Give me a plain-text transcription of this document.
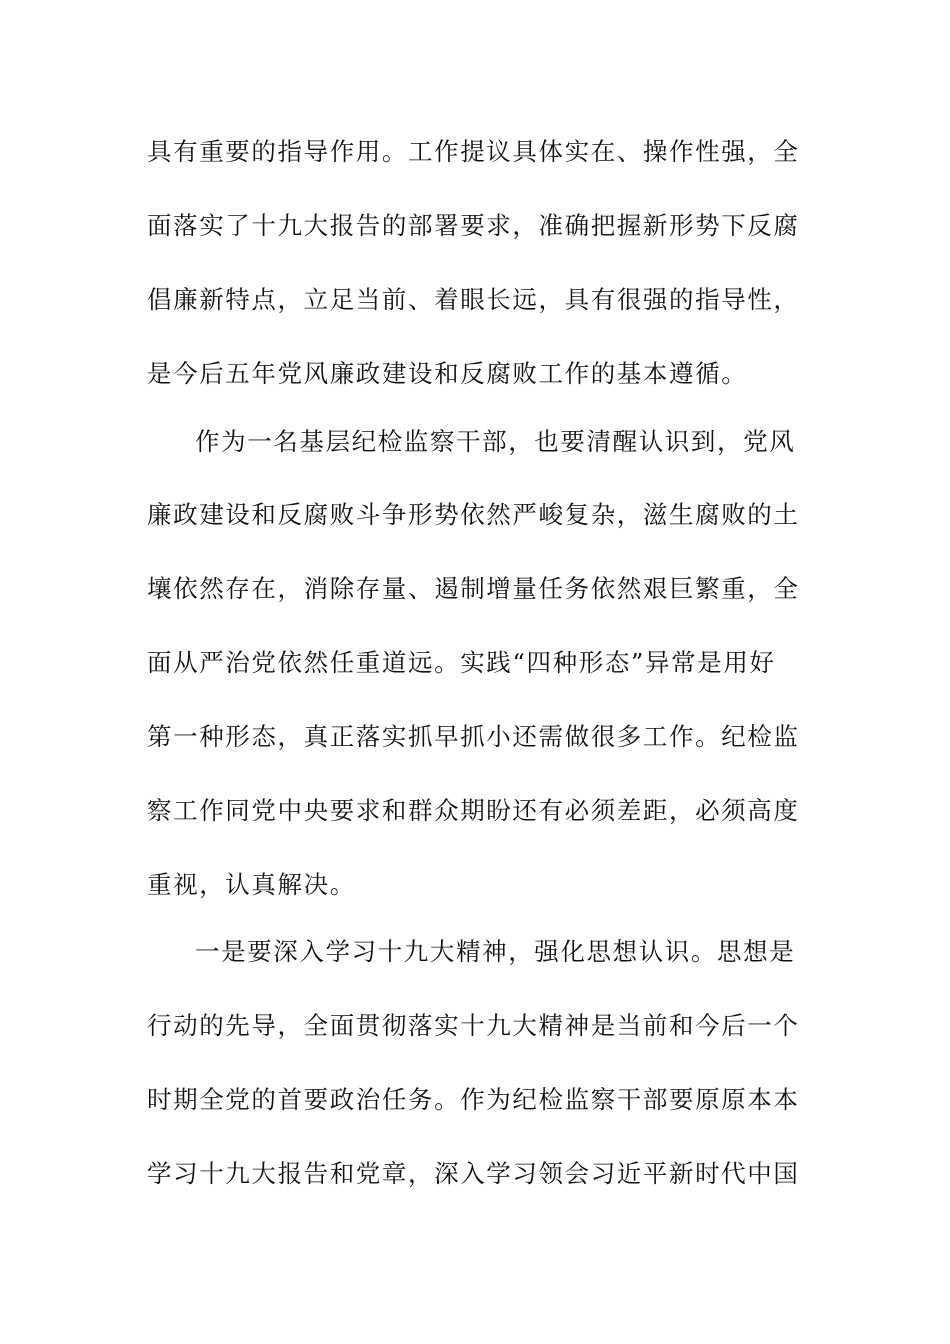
具有重要的指导作用。工作提议具体实在、操作性强，全
面落实了十九大报告的部署要求，准确把握新形势下反腐
倡廉新特点，立足当前、着眼长远，具有很强的指导性，
是今后五年党风廉政建设和反腐败工作的基本遵循。
作为一名基层纪检监察干部，也要清醒认识到，党风
廉政建设和反腐败斗争形势依然严峻复杂，滋生腐败的土
壤依然存在，消除存量、遏制增量任务依然艰巨繁重，全
面从严治党依然任重道远。实践“四种形态”异常是用好
第一种形态，真正落实抓早抓小还需做很多工作。纪检监
察工作同党中央要求和群众期盼还有必须差距，必须高度
重视，认真解决。
一是要深入学习十九大精神，强化思想认识。思想是
行动的先导，全面贯彻落实十九大精神是当前和今后一个
时期全党的首要政治任务。作为纪检监察干部要原原本本
学习十九大报告和党章，深入学习领会习近平新时代中国
